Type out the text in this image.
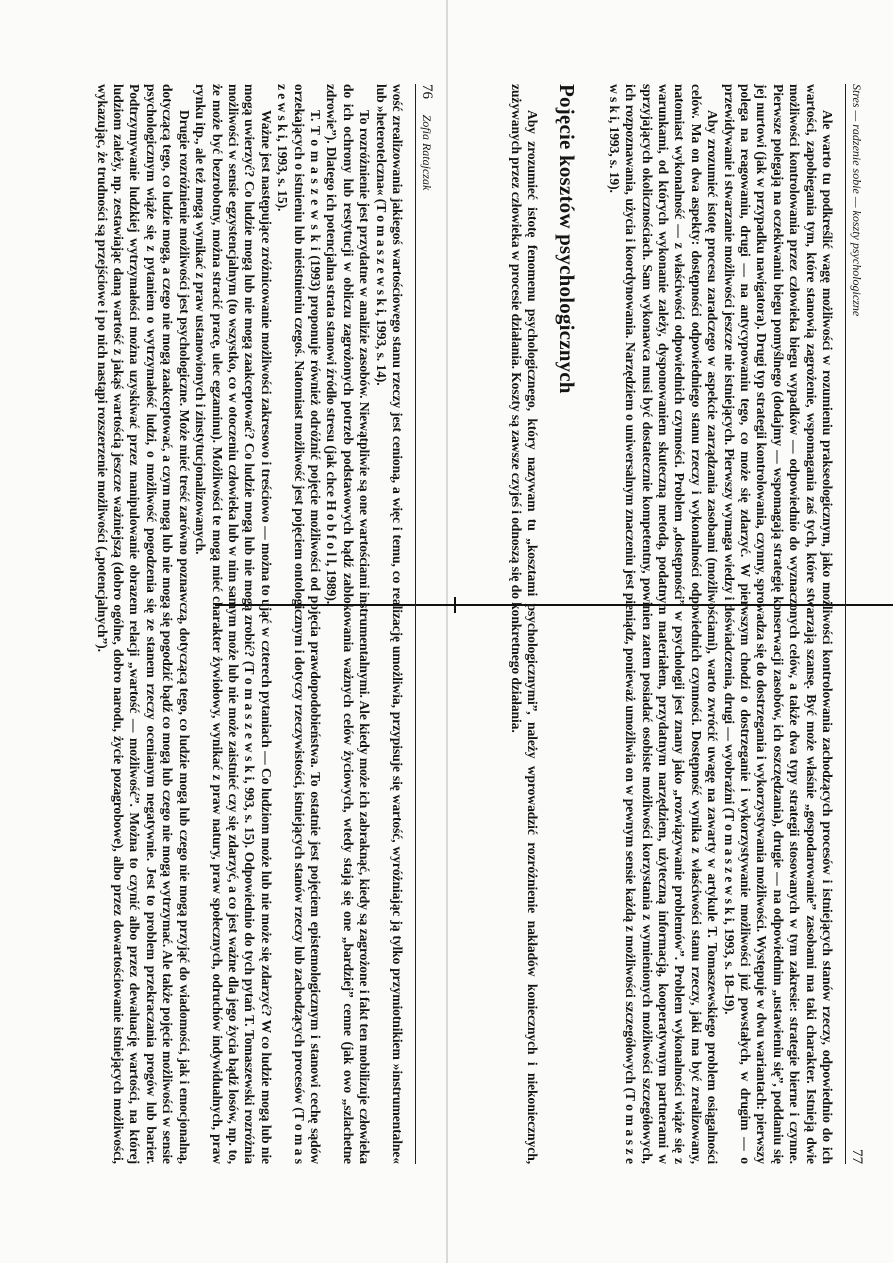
Stres — radzenie sobie — koszty psychologiczne
77

Ale warto tu podkreślić wagę możliwości w rozumieniu prakseologicznym, jako możliwości kontrolowania zachodzących procesów i istniejących stanów rzeczy, odpowiednio do ich wartości, zapobiegania tym, które stanowią zagrożenie, wspomagania zaś tych, które stwarzają szansę. Być może właśnie „gospodarowanie” zasobami ma taki charakter. Istnieją dwie możliwości kontrolowania przez człowieka biegu wypadków — odpowiednio do wyznaczonych celów, a także dwa typy strategii stosowanych w tym zakresie: strategie bierne i czynne. Pierwsze polegają na oczekiwaniu biegu pomyślnego (dodajmy — wspomagają strategię konserwacji zasobów, ich oszczędzania), drugie — na odpowiednim „ustawieniu się”, poddaniu się jej nurtowi (jak w przypadku nawigatora). Drugi typ strategii kontrolowania, czynny, sprowadza się do dostrzegania i wykorzystywania możliwości. Występuje w dwu wariantach: pierwszy polega na reagowaniu, drugi — na antycypowaniu tego, co może się zdarzyć. W pierwszym chodzi o dostrzeganie i wykorzystywanie możliwości już powstałych, w drugim — o przewidywanie i stwarzanie możliwości jeszcze nie istniejących. Pierwszy wymaga wiedzy i doświadczenia, drugi — wyobraźni (T o m a s z e w s k i, 1993, s. 18–19).

Aby zrozumieć istotę procesu zaradczego w aspekcie zarządzania zasobami (możliwościami), warto zwrócić uwagę na zawarty w artykule T. Tomaszewskiego problem osiągalności celów. Ma on dwa aspekty: dostępności odpowiedniego stanu rzeczy i wykonalności odpowiednich czynności. Dostępność wynika z właściwości stanu rzeczy, jaki ma być zrealizowany, natomiast wykonalność — z właściwości odpowiednich czynności. Problem „dostępności” w psychologii jest znany jako „rozwiązywanie problemów”. Problem wykonalności wiąże się z warunkami, od których wykonanie zależy, dysponowaniem skuteczną metodą, podatnym materiałem, przydatnym narzędziem, użyteczną informacją, kooperatywnym partnerami w sprzyjających okolicznościach. Sam wykonawca musi być dostatecznie kompetentny, powinien zatem posiadać osobiste możliwości korzystania z wymienionych możliwości szczegółowych, ich rozpoznawania, użycia i koordynowania. Narzędziem o uniwersalnym znaczeniu jest pieniądz, ponieważ umożliwia on w pewnym sensie każdą z możliwości szczegółowych (T o m a s z e w s k i, 1993, s. 19).

Pojęcie kosztów psychologicznych

Aby zrozumieć istotę fenomenu psychologicznego, który nazywam tu „kosztami psychologicznymi”, należy wprowadzić rozróżnienie nakładów koniecznych i niekoniecznych, zużywanych przez człowieka w procesie działania. Koszty są zawsze czyjeś i odnoszą się do konkretnego działania.

76     Zofia Ratajczak

wość zrealizowania jakiegoś wartościowego stanu rzeczy jest cenioną, a więc i temu, co realizację umożliwia, przypisuje się wartość, wyróżniając ją tylko przymiotnikiem »instrumentalne« lub »heterotelczna« (T o m a s z e w s k i, 1993, s. 14).

To rozróżnienie jest przydatne w analizie zasobów. Niewątpliwie są one wartościami instrumentalnymi. Ale kiedy może ich zabraknąć, kiedy są zagrożone i fakt ten mobilizuje człowieka do ich ochrony lub restytucji w obliczu zagrożonych potrzeb podstawowych bądź zablokowania ważnych celów życiowych, wtedy stają się one „bardziej” cenne (jak owo „szlachetne zdrowie”). Dlatego ich potencjalna strata stanowi źródło stresu (jak chce H o b f o l l, 1989).

T. T o m a s z e w s k i (1993) proponuje również odróżnić pojęcie możliwości od pojęcia prawdopodobieństwa. To ostatnie jest pojęciem epistemologicznym i stanowi cechę sądów orzekających o istnieniu lub nieistnieniu czegoś. Natomiast możliwość jest pojęciem ontologicznym i dotyczy rzeczywistości, istniejących stanów rzeczy lub zachodzących procesów (T o m a s z e w s k i, 1993, s. 15).

Ważne jest następujące zróżnicowanie możliwości zakresowo i treściowo — można to ująć w czterech pytaniach — Co ludziom może lub nie może się zdarzyć? W co ludzie mogą lub nie mogą uwierzyć? Co ludzie mogą lub nie mogą zaakceptować? Co ludzie mogą lub nie mogą zrobić? (T o m a s z e w s k i, 993, s. 15). Odpowiednio do tych pytań T. Tomaszewski rozróżnia możliwości w sensie egzystencjalnym (to wszystko, co w otoczeniu człowieka lub w nim samym może lub nie może zaistnieć czy się zdarzyć, a co jest ważne dla jego życia bądź losów, np. to, że może być bezrobotny, można stracić pracę, ulec egzaminu). Możliwości te mogą mieć charakter żywiołowy, wynikać z praw natury, praw społecznych, odruchów indywidualnych, praw rynku itp., ale też mogą wynikać z praw ustanowionych i zinstytucjonalizowanych.

Drugie rozróżnienie możliwości jest psychologiczne. Może mieć treść zarówno poznawczą, dotyczącą tego, co ludzie mogą lub czego nie mogą przyjąć do wiadomości, jak i emocjonalną, dotyczącą tego, co ludzie mogą, a czego nie mogą zaakceptować, a czym mogą lub nie mogą się pogodzić bądź co mogą lub czego nie mogą wytrzymać. Ale także pojęcie możliwości w sensie psychologicznym wiąże się z pytaniem o wytrzymałość ludzi, o możliwość pogodzenia się ze stanem rzeczy ocenianym negatywnie. Jest to problem przekraczania progów lub barier. Podtrzymywanie ludzkiej wytrzymałości można uzyskiwać przez manipulowanie obrazem relacji „wartość — możliwość”. Można to czynić albo przez dewaluację wartości, na której ludziom zależy, np. zestawiając daną wartość z jakąś wartością jeszcze ważniejszą (dobro ogólne, dobro narodu, życie pozagrobowe), albo przez dowartościowanie istniejących możliwości, wykazując, że trudności są przejściowe i po nich nastąpi rozszerzenie możliwości („potencjalnych”).
